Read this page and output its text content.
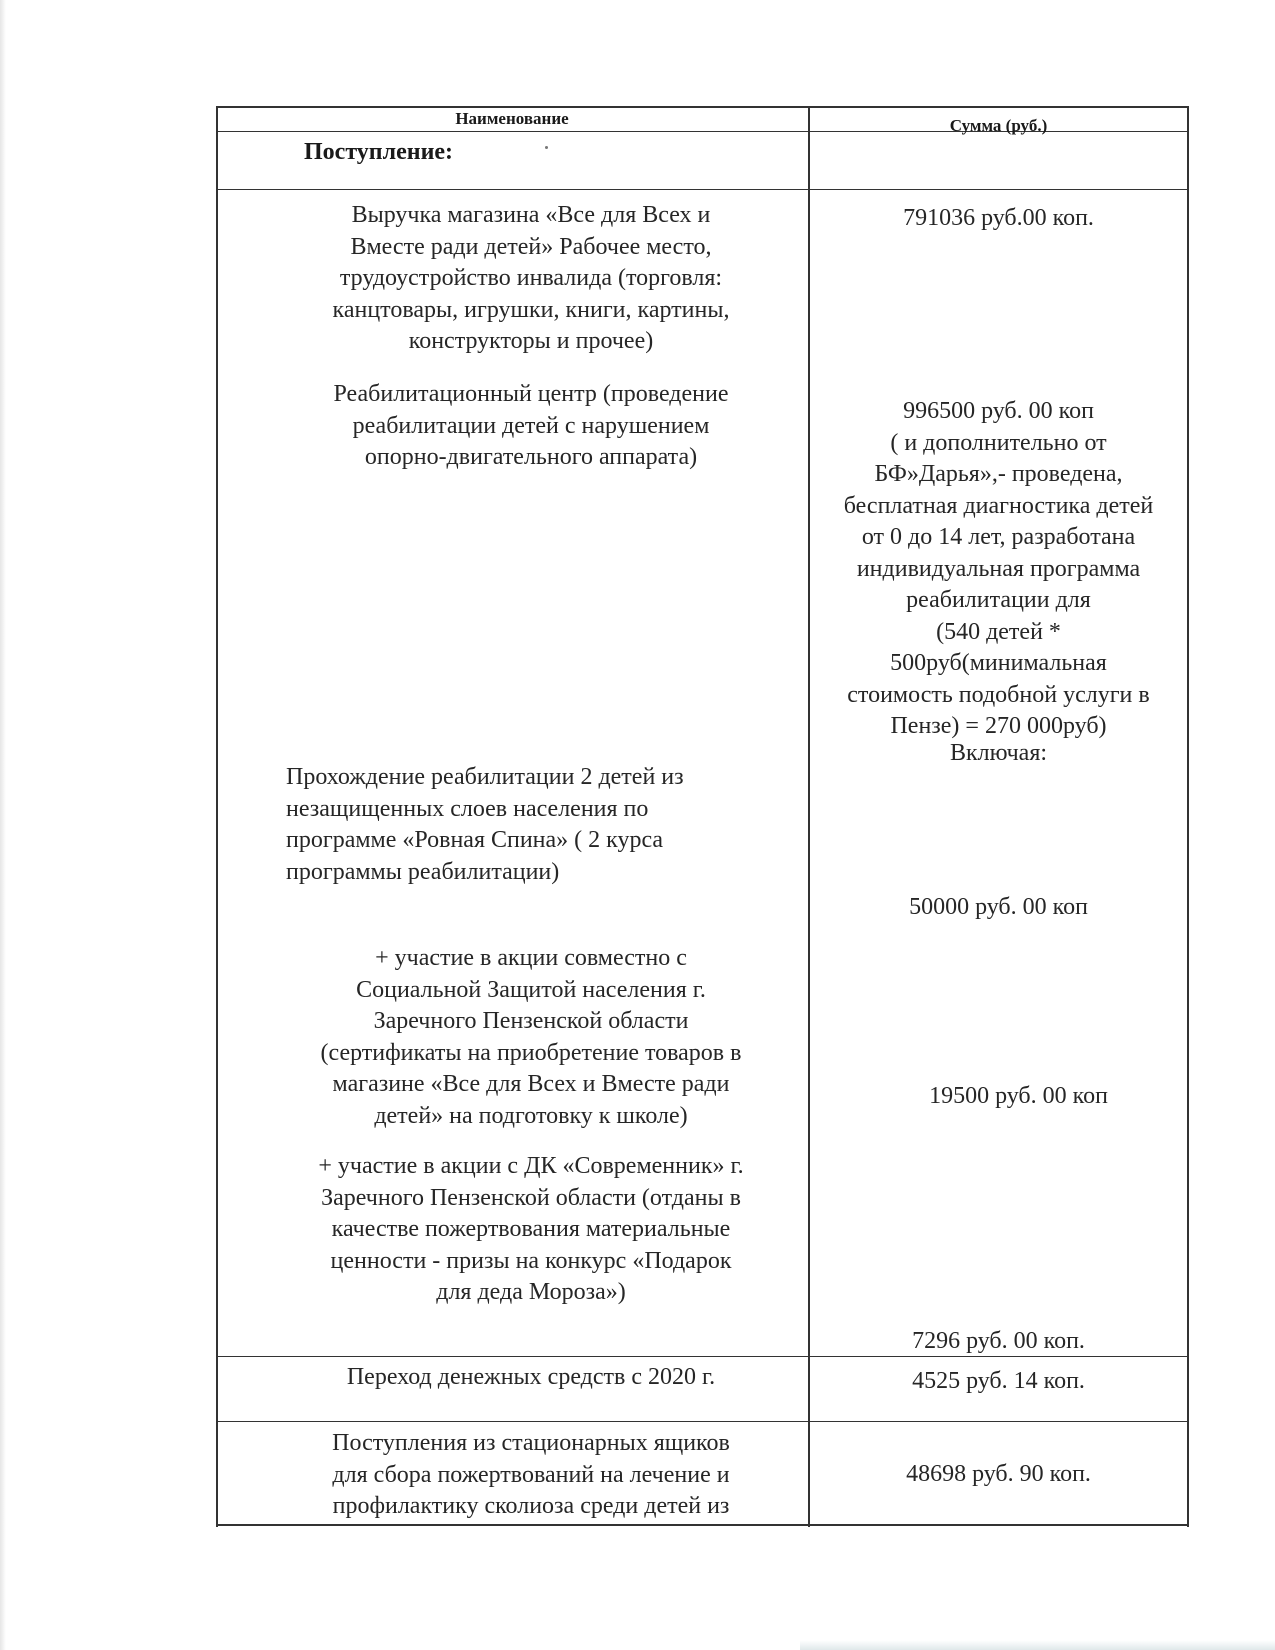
Наименование	Сумма (руб.)
Поступление:
Выручка магазина «Все для Всех и
Вместе ради детей» Рабочее место,
трудоустройство инвалида (торговля:
канцтовары, игрушки, книги, картины,
конструкторы и прочее)
791036 руб.00 коп.
Реабилитационный центр (проведение
реабилитации детей с нарушением
опорно-двигательного аппарата)
996500 руб. 00 коп
( и дополнительно от
БФ»Дарья»,- проведена,
бесплатная диагностика детей
от 0 до 14 лет, разработана
индивидуальная программа
реабилитации для
(540 детей *
500руб(минимальная
стоимость подобной услуги в
Пензе) = 270 000руб)
Включая:
Прохождение реабилитации 2 детей из
незащищенных слоев населения по
программе «Ровная Спина» ( 2 курса
программы реабилитации)
50000 руб. 00 коп
+ участие в акции совместно с
Социальной Защитой населения г.
Заречного Пензенской области
(сертификаты на приобретение товаров в
магазине «Все для Всех и Вместе ради
детей» на подготовку к школе)
19500 руб. 00 коп
+ участие в акции с ДК «Современник» г.
Заречного Пензенской области (отданы в
качестве пожертвования материальные
ценности - призы на конкурс «Подарок
для деда Мороза»)
7296 руб. 00 коп.
Переход денежных средств с 2020 г.	4525 руб. 14 коп.
Поступления из стационарных ящиков
для сбора пожертвований на лечение и
профилактику сколиоза среди детей из
48698 руб. 90 коп.
